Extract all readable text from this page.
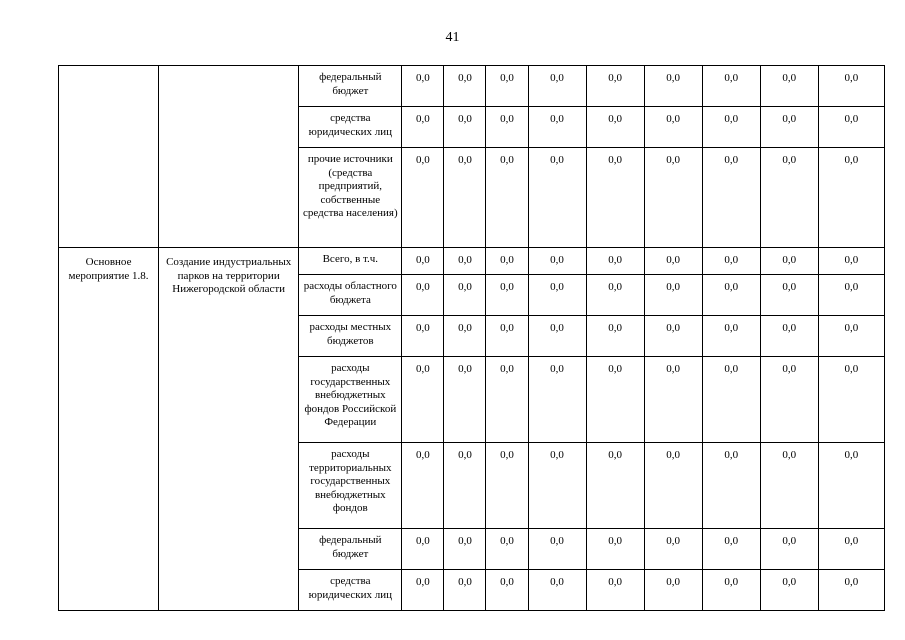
41
		федеральный бюджет	0,0	0,0	0,0	0,0	0,0	0,0	0,0	0,0	0,0
		средства юридических лиц	0,0	0,0	0,0	0,0	0,0	0,0	0,0	0,0	0,0
		прочие источники (средства предприятий, собственные средства населения)	0,0	0,0	0,0	0,0	0,0	0,0	0,0	0,0	0,0
Основное мероприятие 1.8.	Создание индустриальных парков на территории Нижегородской области	Всего, в т.ч.	0,0	0,0	0,0	0,0	0,0	0,0	0,0	0,0	0,0
		расходы областного бюджета	0,0	0,0	0,0	0,0	0,0	0,0	0,0	0,0	0,0
		расходы местных бюджетов	0,0	0,0	0,0	0,0	0,0	0,0	0,0	0,0	0,0
		расходы государственных внебюджетных фондов Российской Федерации	0,0	0,0	0,0	0,0	0,0	0,0	0,0	0,0	0,0
		расходы территориальных государственных внебюджетных фондов	0,0	0,0	0,0	0,0	0,0	0,0	0,0	0,0	0,0
		федеральный бюджет	0,0	0,0	0,0	0,0	0,0	0,0	0,0	0,0	0,0
		средства юридических лиц	0,0	0,0	0,0	0,0	0,0	0,0	0,0	0,0	0,0
